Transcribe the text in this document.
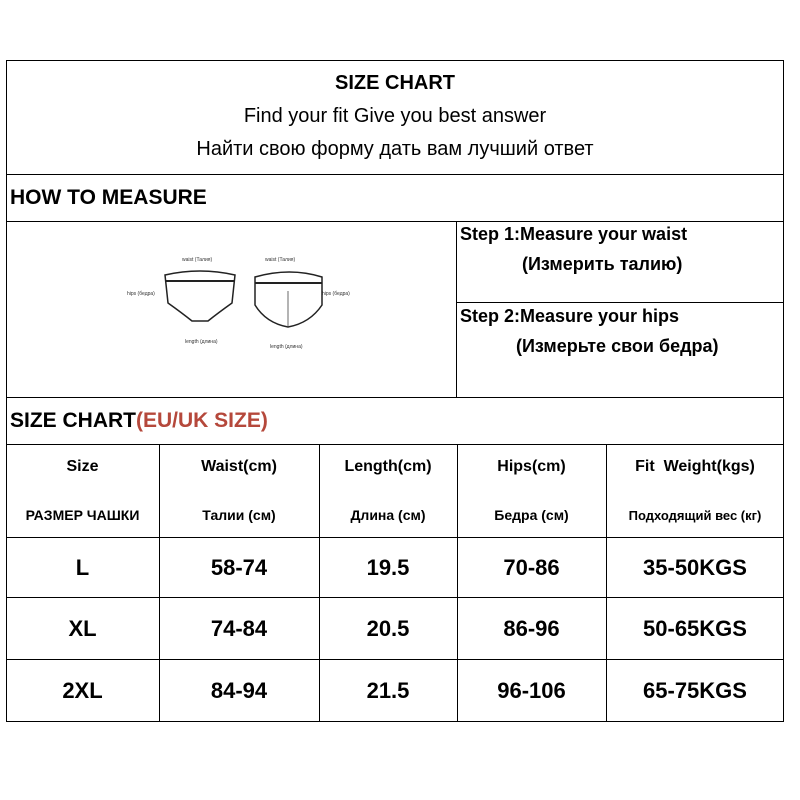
SIZE CHART
Find your fit Give you best answer
Найти свою форму дать вам лучший ответ
HOW TO MEASURE
waist (Талия)	waist (Талия)
hips (бедра)	hips (бедра)
length (длина)
length (длина)
Step 1:Measure your waist
(Измерить талию)
Step 2:Measure your hips
(Измерьте свои бедра)
SIZE CHART (EU/UK SIZE)
Size	Waist(cm)	Length(cm)	Hips(cm)	Fit  Weight(kgs)
РАЗМЕР ЧАШКИ	Талии (см)	Длина (см)	Бедра (см)	Подходящий вес (кг)
L	58-74	19.5	70-86	35-50KGS
XL	74-84	20.5	86-96	50-65KGS
2XL	84-94	21.5	96-106	65-75KGS
